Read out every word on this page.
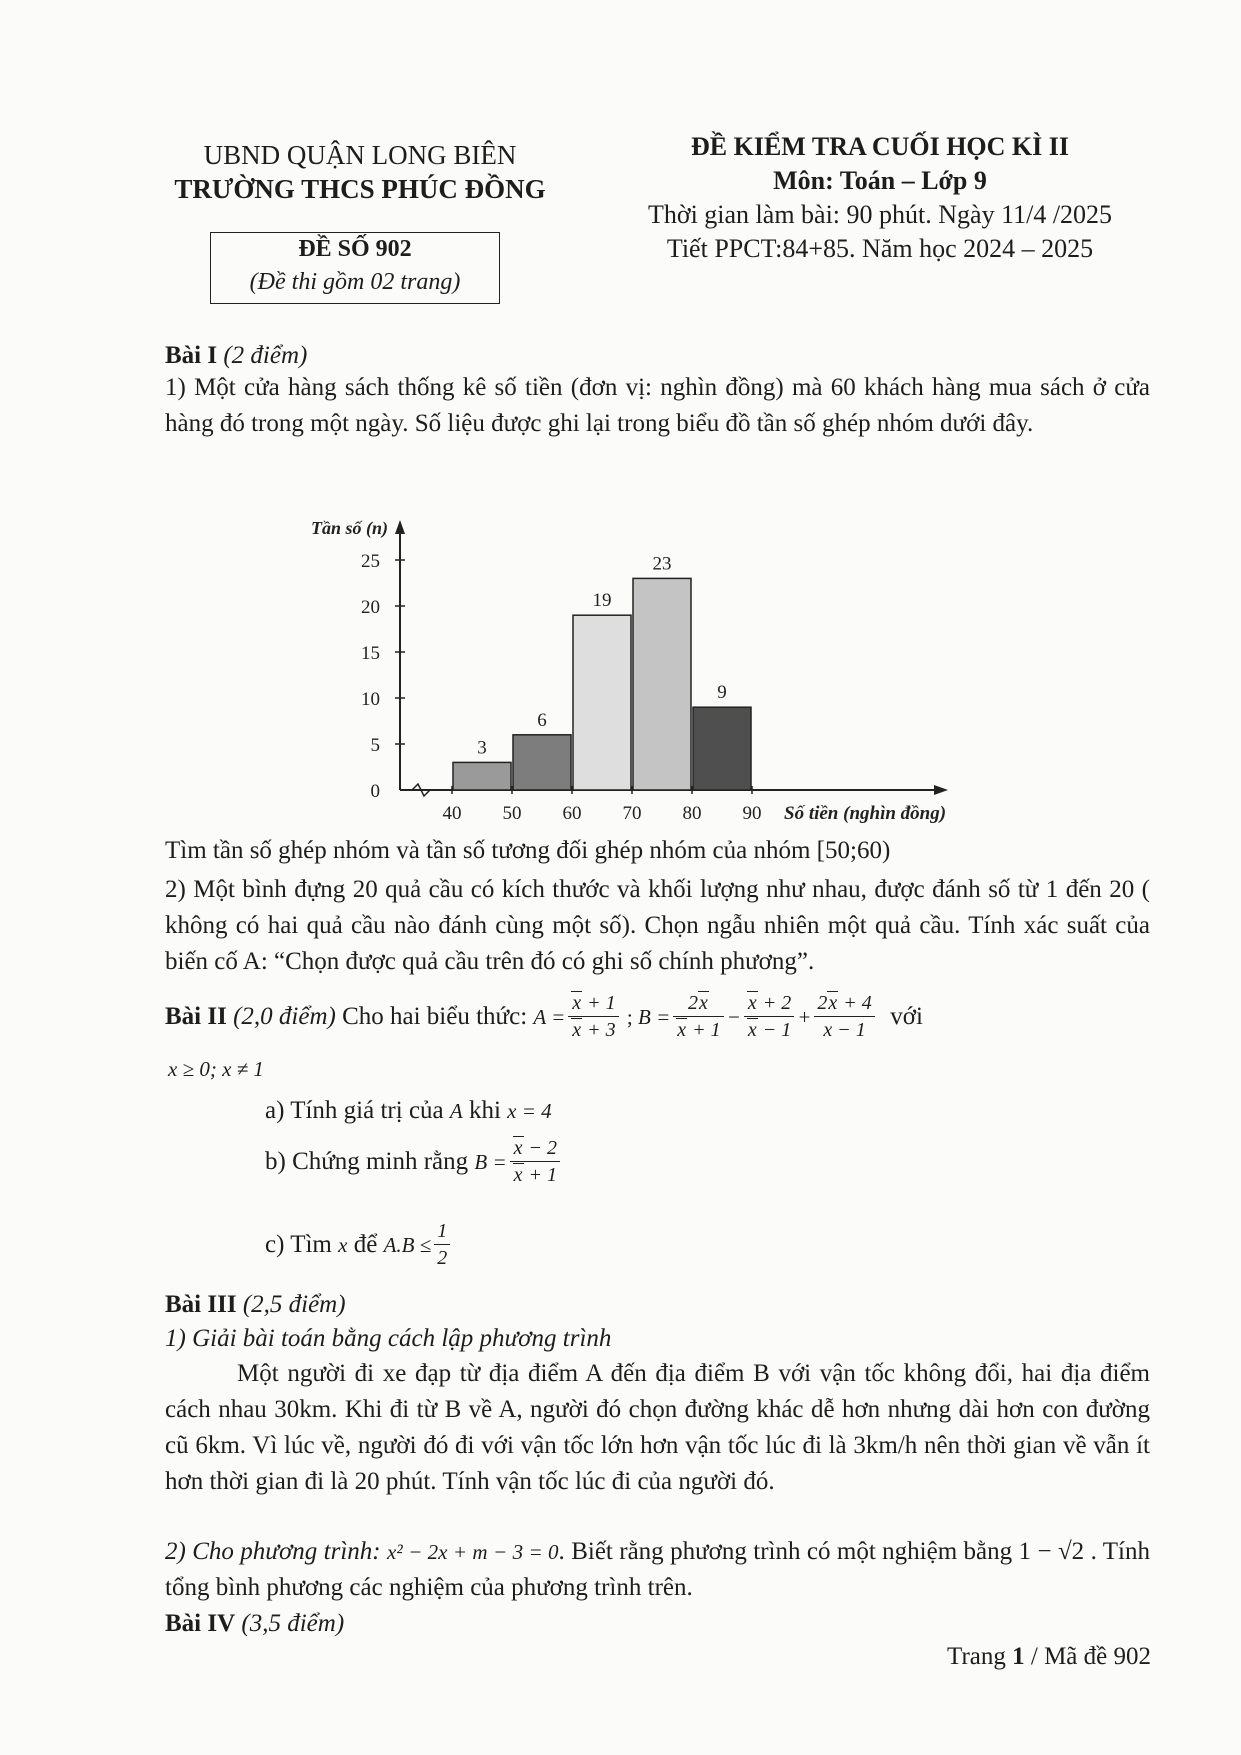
UBND QUẬN LONG BIÊN
TRƯỜNG THCS PHÚC ĐỒNG
ĐỀ KIỂM TRA CUỐI HỌC KÌ II
Môn: Toán – Lớp 9
Thời gian làm bài: 90 phút. Ngày 11/4 /2025
Tiết PPCT:84+85. Năm học 2024 – 2025
ĐỀ SỐ 902
(Đề thi gồm 02 trang)
Bài I (2 điểm)
1) Một cửa hàng sách thống kê số tiền (đơn vị: nghìn đồng) mà 60 khách hàng mua sách ở cửa hàng đó trong một ngày. Số liệu được ghi lại trong biểu đồ tần số ghép nhóm dưới đây.
0
5
10
15
20
25
40 50 60 70 80 90
3
6
19
23
9
Tần số (n)
Số tiền (nghìn đồng)
Tìm tần số ghép nhóm và tần số tương đối ghép nhóm của nhóm [50;60)
2) Một bình đựng 20 quả cầu có kích thước và khối lượng như nhau, được đánh số từ 1 đến 20 ( không có hai quả cầu nào đánh cùng một số). Chọn ngẫu nhiên một quả cầu. Tính xác suất của biến cố A: “Chọn được quả cầu trên đó có ghi số chính phương”.
Bài II
(2,0 điểm)
Cho hai biểu thức:
$A = \frac{x + 1}{x + 3}$ ; $B = \frac{2x}{x + 1} - \frac{x + 2}{x - 1} + \frac{2x + 4}{x - 1}$
với
x ≥ 0; x ≠ 1
a) Tính giá trị của A khi x = 4
b) Chứng minh rằng
$B = \frac{x - 2}{x + 1}$
c) Tìm
x
để
$A.B \le \frac{1}{2}$
Bài III (2,5 điểm)
1) Giải bài toán bằng cách lập phương trình
Một người đi xe đạp từ địa điểm A đến địa điểm B với vận tốc không đổi, hai địa điểm cách nhau 30km. Khi đi từ B về A, người đó chọn đường khác dễ hơn nhưng dài hơn con đường cũ 6km. Vì lúc về, người đó đi với vận tốc lớn hơn vận tốc lúc đi là 3km/h nên thời gian về vẫn ít hơn thời gian đi là 20 phút. Tính vận tốc lúc đi của người đó.
2) Cho phương trình: x² − 2x + m − 3 = 0. Biết rằng phương trình có một nghiệm bằng 1 − √2 . Tính tổng bình phương các nghiệm của phương trình trên.
Bài IV (3,5 điểm)
Trang 1 / Mã đề 902
